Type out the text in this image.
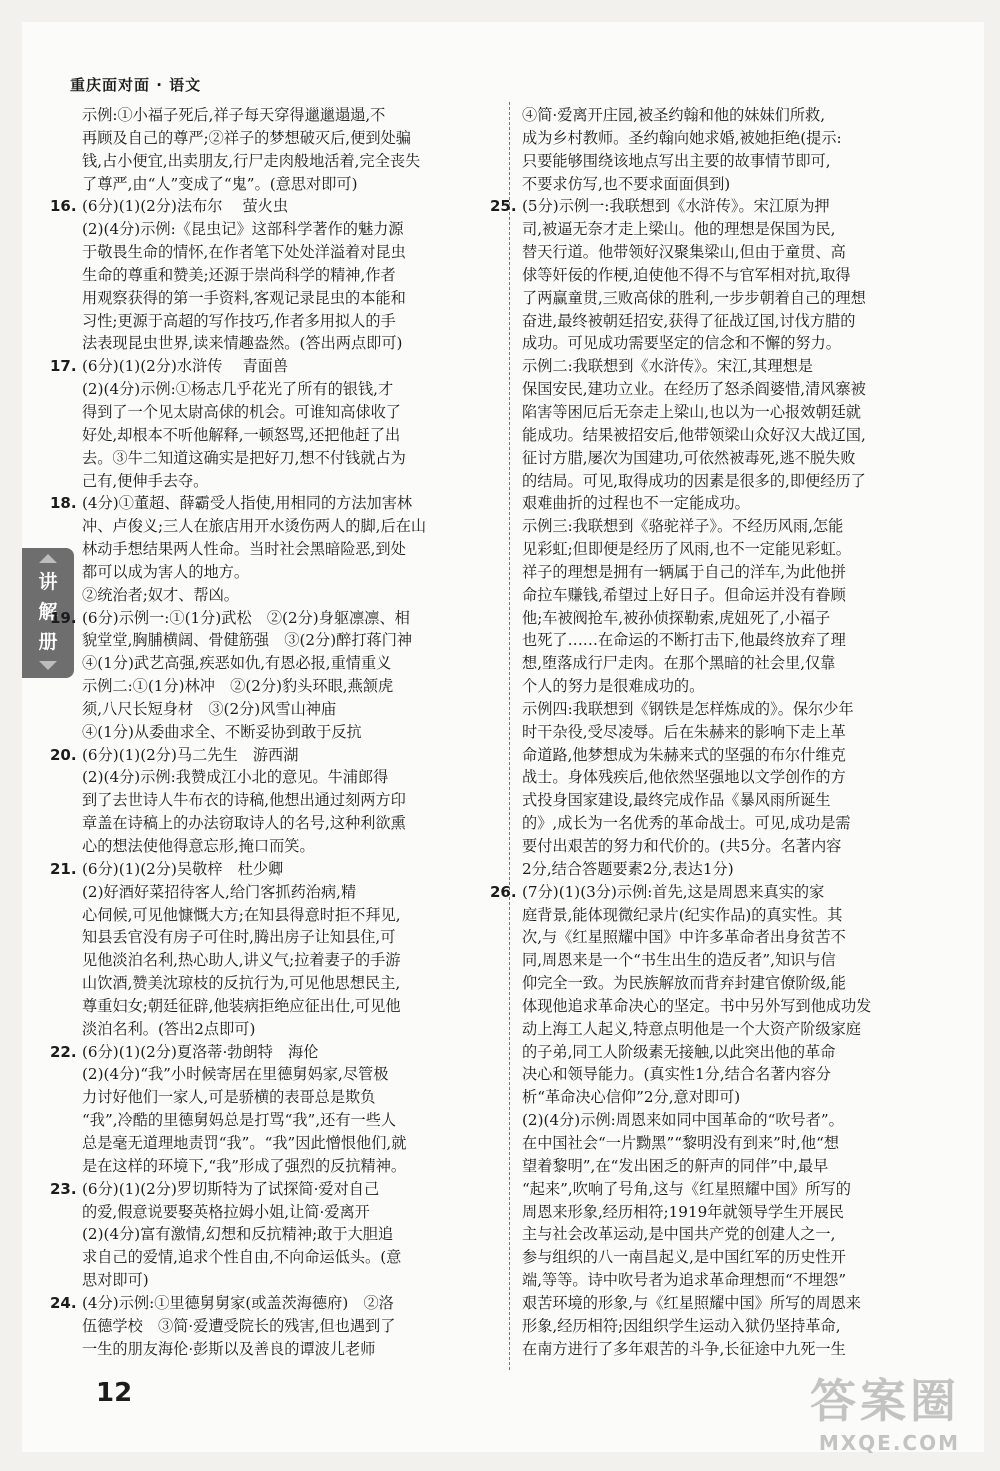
重庆面对面 · 语文
讲
解
册
示例:①小福子死后,祥子每天穿得邋邋遢遢,不
再顾及自己的尊严;②祥子的梦想破灭后,便到处骗
钱,占小便宜,出卖朋友,行尸走肉般地活着,完全丧失
了尊严,由“人”变成了“鬼”。(意思对即可)
16. (6分)(1)(2分)法布尔　 萤火虫
(2)(4分)示例:《昆虫记》这部科学著作的魅力源
于敬畏生命的情怀,在作者笔下处处洋溢着对昆虫
生命的尊重和赞美;还源于崇尚科学的精神,作者
用观察获得的第一手资料,客观记录昆虫的本能和
习性;更源于高超的写作技巧,作者多用拟人的手
法表现昆虫世界,读来情趣盎然。(答出两点即可)
17. (6分)(1)(2分)水浒传　 青面兽
(2)(4分)示例:①杨志几乎花光了所有的银钱,才
得到了一个见太尉高俅的机会。可谁知高俅收了
好处,却根本不听他解释,一顿怒骂,还把他赶了出
去。③牛二知道这确实是把好刀,想不付钱就占为
己有,便伸手去夺。
18. (4分)①董超、薛霸受人指使,用相同的方法加害林
冲、卢俊义;三人在旅店用开水烫伤两人的脚,后在山
林动手想结果两人性命。当时社会黑暗险恶,到处
都可以成为害人的地方。
②统治者;奴才、帮凶。
19. (6分)示例一:①(1分)武松　②(2分)身躯凛凛、相
貌堂堂,胸脯横阔、骨健筋强　③(2分)醉打蒋门神
④(1分)武艺高强,疾恶如仇,有恩必报,重情重义
示例二:①(1分)林冲　②(2分)豹头环眼,燕颔虎
须,八尺长短身材　③(2分)风雪山神庙
④(1分)从委曲求全、不断妥协到敢于反抗
20. (6分)(1)(2分)马二先生　游西湖
(2)(4分)示例:我赞成江小北的意见。牛浦郎得
到了去世诗人牛布衣的诗稿,他想出通过刻两方印
章盖在诗稿上的办法窃取诗人的名号,这种利欲熏
心的想法使他得意忘形,掩口而笑。
21. (6分)(1)(2分)吴敬梓　杜少卿
(2)好酒好菜招待客人,给门客抓药治病,精
心伺候,可见他慷慨大方;在知县得意时拒不拜见,
知县丢官没有房子可住时,腾出房子让知县住,可
见他淡泊名利,热心助人,讲义气;拉着妻子的手游
山饮酒,赞美沈琼枝的反抗行为,可见他思想民主,
尊重妇女;朝廷征辟,他装病拒绝应征出仕,可见他
淡泊名利。(答出2点即可)
22. (6分)(1)(2分)夏洛蒂·勃朗特　海伦
(2)(4分)“我”小时候寄居在里德舅妈家,尽管极
力讨好他们一家人,可是骄横的表哥总是欺负
“我”,冷酷的里德舅妈总是打骂“我”,还有一些人
总是毫无道理地责罚“我”。“我”因此憎恨他们,就
是在这样的环境下,“我”形成了强烈的反抗精神。
23. (6分)(1)(2分)罗切斯特为了试探简·爱对自己
的爱,假意说要娶英格拉姆小姐,让简·爱离开
(2)(4分)富有激情,幻想和反抗精神;敢于大胆追
求自己的爱情,追求个性自由,不向命运低头。(意
思对即可)
24. (4分)示例:①里德舅舅家(或盖茨海德府)　②洛
伍德学校　③简·爱遭受院长的残害,但也遇到了
一生的朋友海伦·彭斯以及善良的谭波儿老师
④简·爱离开庄园,被圣约翰和他的妹妹们所救,
成为乡村教师。圣约翰向她求婚,被她拒绝(提示:
只要能够围绕该地点写出主要的故事情节即可,
不要求仿写,也不要求面面俱到)
25. (5分)示例一:我联想到《水浒传》。宋江原为押
司,被逼无奈才走上梁山。他的理想是保国为民,
替天行道。他带领好汉聚集梁山,但由于童贯、高
俅等奸佞的作梗,迫使他不得不与官军相对抗,取得
了两赢童贯,三败高俅的胜利,一步步朝着自己的理想
奋进,最终被朝廷招安,获得了征战辽国,讨伐方腊的
成功。可见成功需要坚定的信念和不懈的努力。
示例二:我联想到《水浒传》。宋江,其理想是
保国安民,建功立业。在经历了怒杀阎婆惜,清风寨被
陷害等困厄后无奈走上梁山,也以为一心报效朝廷就
能成功。结果被招安后,他带领梁山众好汉大战辽国,
征讨方腊,屡次为国建功,可依然被毒死,逃不脱失败
的结局。可见,取得成功的因素是很多的,即便经历了
艰难曲折的过程也不一定能成功。
示例三:我联想到《骆驼祥子》。不经历风雨,怎能
见彩虹;但即便是经历了风雨,也不一定能见彩虹。
祥子的理想是拥有一辆属于自己的洋车,为此他拼
命拉车赚钱,希望过上好日子。但命运并没有眷顾
他;车被阀抢车,被孙侦探勒索,虎妞死了,小福子
也死了……在命运的不断打击下,他最终放弃了理
想,堕落成行尸走肉。在那个黑暗的社会里,仅靠
个人的努力是很难成功的。
示例四:我联想到《钢铁是怎样炼成的》。保尔少年
时干杂役,受尽凌辱。后在朱赫来的影响下走上革
命道路,他梦想成为朱赫来式的坚强的布尔什维克
战士。身体残疾后,他依然坚强地以文学创作的方
式投身国家建设,最终完成作品《暴风雨所诞生
的》,成长为一名优秀的革命战士。可见,成功是需
要付出艰苦的努力和代价的。(共5分。名著内容
2分,结合答题要素2分,表达1分)
26. (7分)(1)(3分)示例:首先,这是周恩来真实的家
庭背景,能体现微纪录片(纪实作品)的真实性。其
次,与《红星照耀中国》中许多革命者出身贫苦不
同,周恩来是一个“书生出生的造反者”,知识与信
仰完全一致。为民族解放而背弃封建官僚阶级,能
体现他追求革命决心的坚定。书中另外写到他成功发
动上海工人起义,特意点明他是一个大资产阶级家庭
的子弟,同工人阶级素无接触,以此突出他的革命
决心和领导能力。(真实性1分,结合名著内容分
析“革命决心信仰”2分,意对即可)
(2)(4分)示例:周恩来如同中国革命的“吹号者”。
在中国社会“一片黝黑”“黎明没有到来”时,他“想
望着黎明”,在“发出困乏的鼾声的同伴”中,最早
“起来”,吹响了号角,这与《红星照耀中国》所写的
周恩来形象,经历相符;1919年就领导学生开展民
主与社会改革运动,是中国共产党的创建人之一,
参与组织的八一南昌起义,是中国红军的历史性开
端,等等。诗中吹号者为追求革命理想而“不埋怨”
艰苦环境的形象,与《红星照耀中国》所写的周恩来
形象,经历相符;因组织学生运动入狱仍坚持革命,
在南方进行了多年艰苦的斗争,长征途中九死一生
12	答案圈
MXQE.COM
